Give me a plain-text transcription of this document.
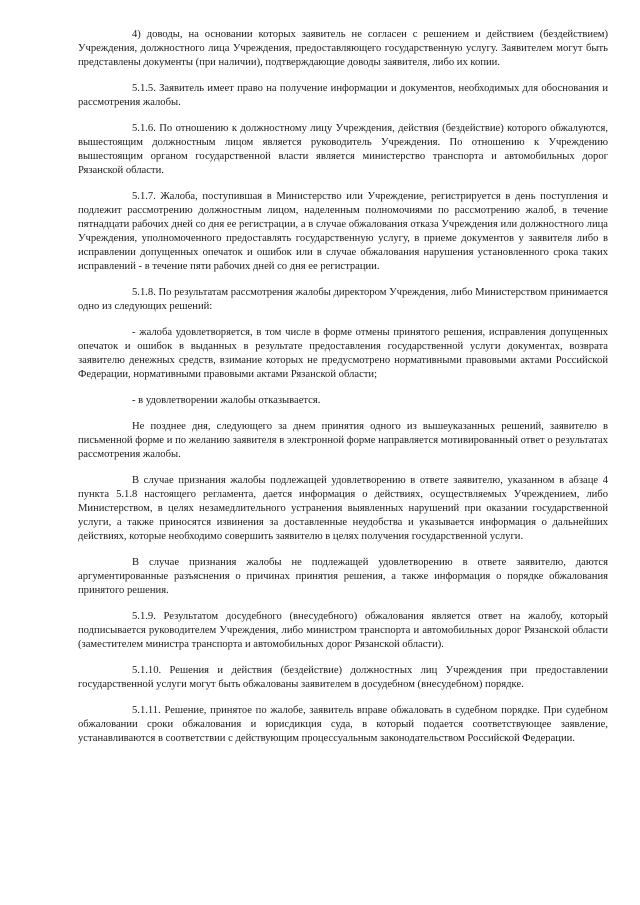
4) доводы, на основании которых заявитель не согласен с решением и действием (бездействием) Учреждения, должностного лица Учреждения, предоставляющего государственную услугу. Заявителем могут быть представлены документы (при наличии), подтверждающие доводы заявителя, либо их копии.

5.1.5. Заявитель имеет право на получение информации и документов, необходимых для обоснования и рассмотрения жалобы.

5.1.6. По отношению к должностному лицу Учреждения, действия (бездействие) которого обжалуются, вышестоящим должностным лицом является руководитель Учреждения. По отношению к Учреждению вышестоящим органом государственной власти является министерство транспорта и автомобильных дорог Рязанской области.

5.1.7. Жалоба, поступившая в Министерство или Учреждение, регистрируется в день поступления и подлежит рассмотрению должностным лицом, наделенным полномочиями по рассмотрению жалоб, в течение пятнадцати рабочих дней со дня ее регистрации, а в случае обжалования отказа Учреждения или должностного лица Учреждения, уполномоченного предоставлять государственную услугу, в приеме документов у заявителя либо в исправлении допущенных опечаток и ошибок или в случае обжалования нарушения установленного срока таких исправлений - в течение пяти рабочих дней со дня ее регистрации.

5.1.8. По результатам рассмотрения жалобы директором Учреждения, либо Министерством принимается одно из следующих решений:

- жалоба удовлетворяется, в том числе в форме отмены принятого решения, исправления допущенных опечаток и ошибок в выданных в результате предоставления государственной услуги документах, возврата заявителю денежных средств, взимание которых не предусмотрено нормативными правовыми актами Российской Федерации, нормативными правовыми актами Рязанской области;

- в удовлетворении жалобы отказывается.

Не позднее дня, следующего за днем принятия одного из вышеуказанных решений, заявителю в письменной форме и по желанию заявителя в электронной форме направляется мотивированный ответ о результатах рассмотрения жалобы.

В случае признания жалобы подлежащей удовлетворению в ответе заявителю, указанном в абзаце 4 пункта 5.1.8 настоящего регламента, дается информация о действиях, осуществляемых Учреждением, либо Министерством, в целях незамедлительного устранения выявленных нарушений при оказании государственной услуги, а также приносятся извинения за доставленные неудобства и указывается информация о дальнейших действиях, которые необходимо совершить заявителю в целях получения государственной услуги.

В случае признания жалобы не подлежащей удовлетворению в ответе заявителю, даются аргументированные разъяснения о причинах принятия решения, а также информация о порядке обжалования принятого решения.

5.1.9. Результатом досудебного (внесудебного) обжалования является ответ на жалобу, который подписывается руководителем Учреждения, либо министром транспорта и автомобильных дорог Рязанской области (заместителем министра транспорта и автомобильных дорог Рязанской области).

5.1.10. Решения и действия (бездействие) должностных лиц Учреждения при предоставлении государственной услуги могут быть обжалованы заявителем в досудебном (внесудебном) порядке.

5.1.11. Решение, принятое по жалобе, заявитель вправе обжаловать в судебном порядке. При судебном обжаловании сроки обжалования и юрисдикция суда, в который подается соответствующее заявление, устанавливаются в соответствии с действующим процессуальным законодательством Российской Федерации.
